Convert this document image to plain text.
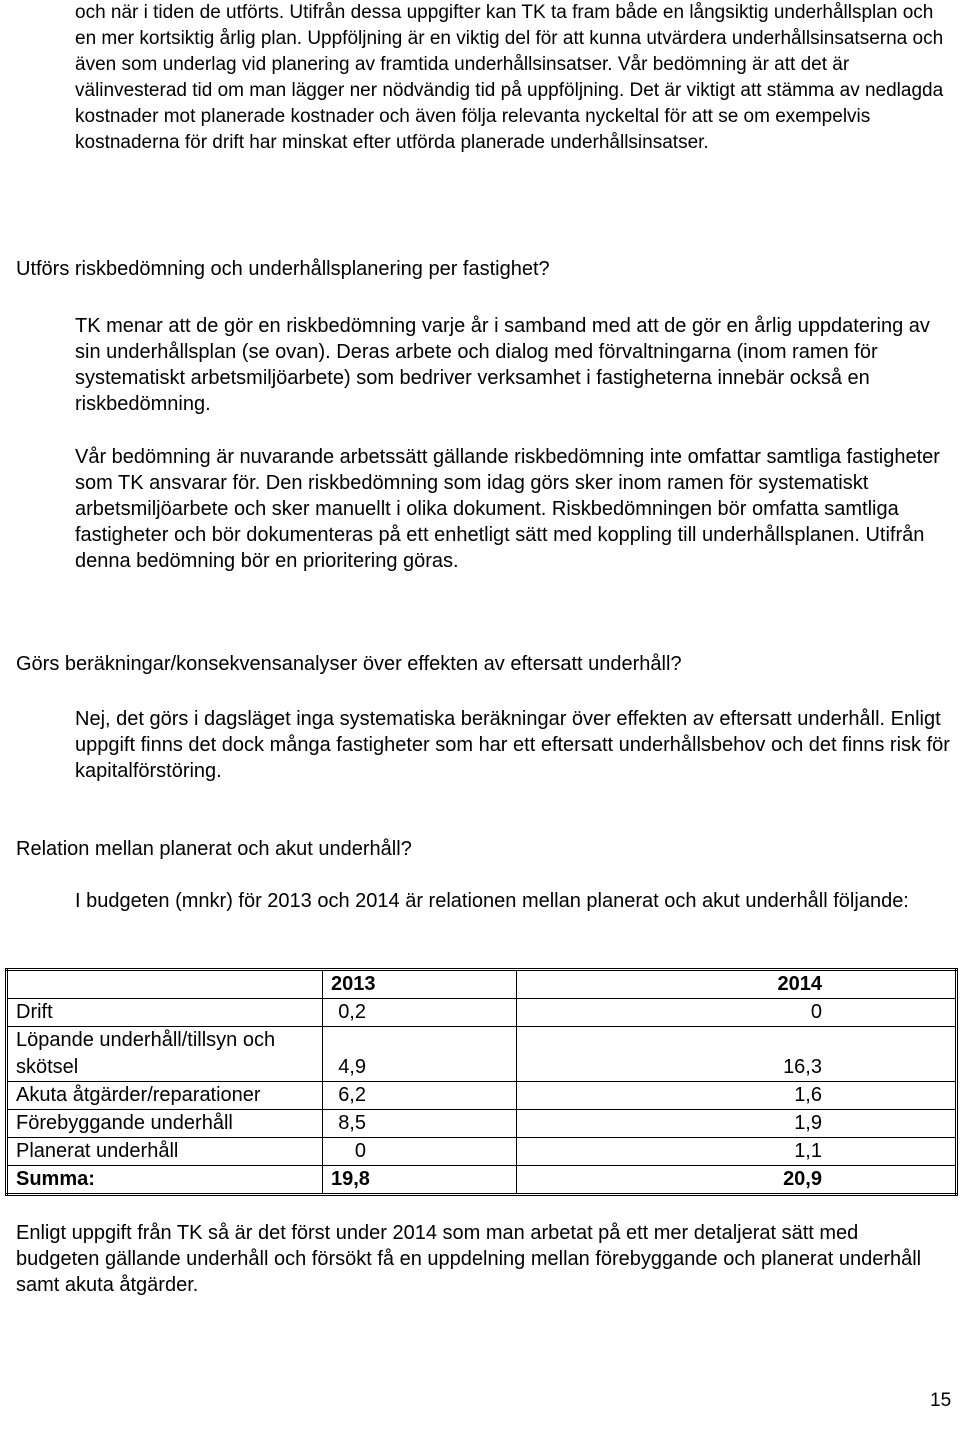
och när i tiden de utförts. Utifrån dessa uppgifter kan TK ta fram både en långsiktig underhållsplan och en mer kortsiktig årlig plan. Uppföljning är en viktig del för att kunna utvärdera underhållsinsatserna och även som underlag vid planering av framtida underhållsinsatser. Vår bedömning är att det är välinvesterad tid om man lägger ner nödvändig tid på uppföljning. Det är viktigt att stämma av nedlagda kostnader mot planerade kostnader och även följa relevanta nyckeltal för att se om exempelvis kostnaderna för drift har minskat efter utförda planerade underhållsinsatser.

Utförs riskbedömning och underhållsplanering per fastighet?

TK menar att de gör en riskbedömning varje år i samband med att de gör en årlig uppdatering av sin underhållsplan (se ovan). Deras arbete och dialog med förvaltningarna (inom ramen för systematiskt arbetsmiljöarbete) som bedriver verksamhet i fastigheterna innebär också en riskbedömning.

Vår bedömning är nuvarande arbetssätt gällande riskbedömning inte omfattar samtliga fastigheter som TK ansvarar för. Den riskbedömning som idag görs sker inom ramen för systematiskt arbetsmiljöarbete och sker manuellt i olika dokument. Riskbedömningen bör omfatta samtliga fastigheter och bör dokumenteras på ett enhetligt sätt med koppling till underhållsplanen. Utifrån denna bedömning bör en prioritering göras.

Görs beräkningar/konsekvensanalyser över effekten av eftersatt underhåll?

Nej, det görs i dagsläget inga systematiska beräkningar över effekten av eftersatt underhåll. Enligt uppgift finns det dock många fastigheter som har ett eftersatt underhållsbehov och det finns risk för kapitalförstöring.

Relation mellan planerat och akut underhåll?

I budgeten (mnkr) för 2013 och 2014 är relationen mellan planerat och akut underhåll följande:

	2013	2014
Drift	0,2	0
Löpande underhåll/tillsyn och skötsel	4,9	16,3
Akuta åtgärder/reparationer	6,2	1,6
Förebyggande underhåll	8,5	1,9
Planerat underhåll	0	1,1
Summa:	19,8	20,9

Enligt uppgift från TK så är det först under 2014 som man arbetat på ett mer detaljerat sätt med budgeten gällande underhåll och försökt få en uppdelning mellan förebyggande och planerat underhåll samt akuta åtgärder.

15
